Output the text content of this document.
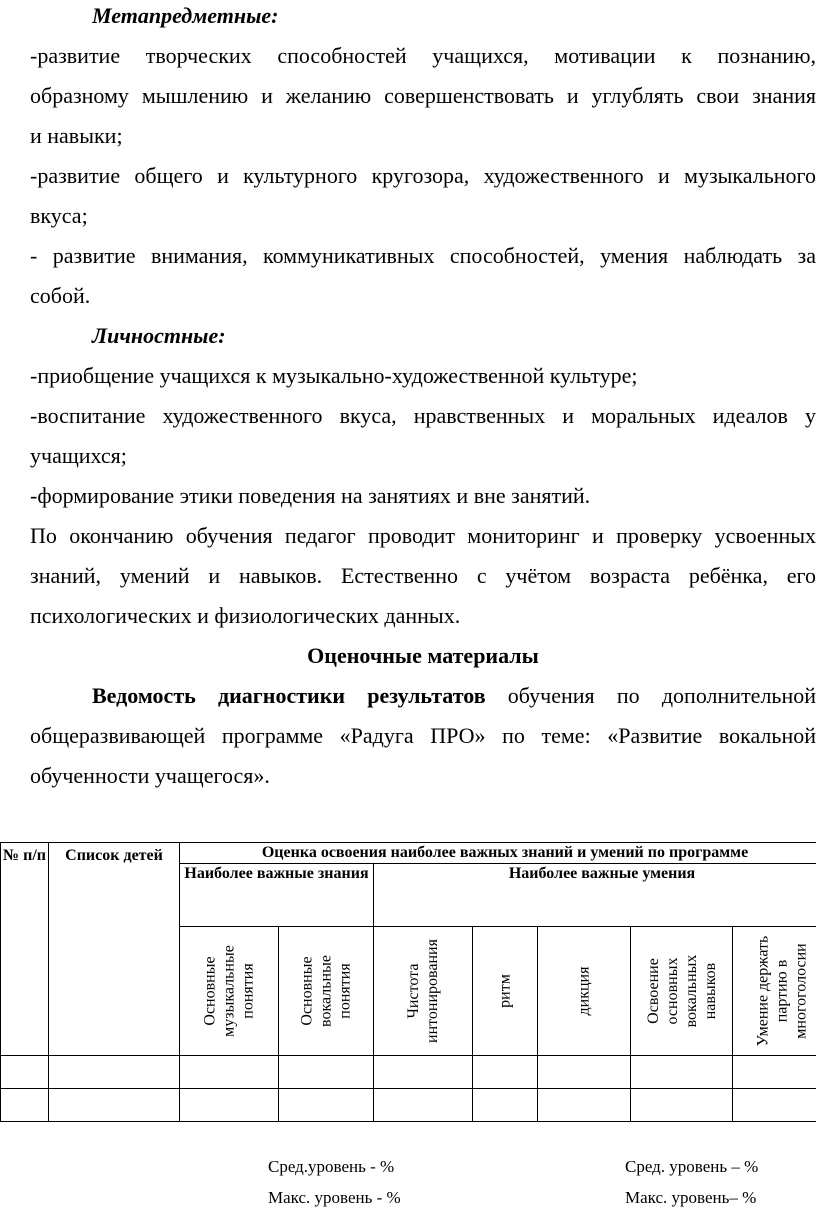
Метапредметные:
-развитие творческих способностей учащихся, мотивации к познанию,
образному мышлению и желанию совершенствовать и углублять свои знания
и навыки;
-развитие общего и культурного кругозора, художественного и музыкального
вкуса;
- развитие внимания, коммуникативных способностей, умения наблюдать за
собой.
Личностные:
-приобщение учащихся к музыкально-художественной культуре;
-воспитание художественного вкуса, нравственных и моральных идеалов у
учащихся;
-формирование этики поведения на занятиях и вне занятий.
По окончанию обучения педагог проводит мониторинг и проверку усвоенных
знаний, умений и навыков. Естественно с учётом возраста ребёнка, его
психологических и физиологических данных.
Оценочные материалы
Ведомость диагностики результатов обучения по дополнительной
общеразвивающей программе «Радуга ПРО» по теме: «Развитие вокальной
обученности учащегося».
№ п/п	Список детей	Оценка освоения наиболее важных знаний и умений по программе						
		Наиболее важные знания		Наиболее важные умения				

		Основные музыкальные понятия	Основные вокальные понятия	Чистота интонирования	ритм	дикция	Освоение основных вокальных навыков	Умение держать партию в многоголосии

Сред.уровень - %
Макс. уровень - %
Сред. уровень – %
Макс. уровень– %
